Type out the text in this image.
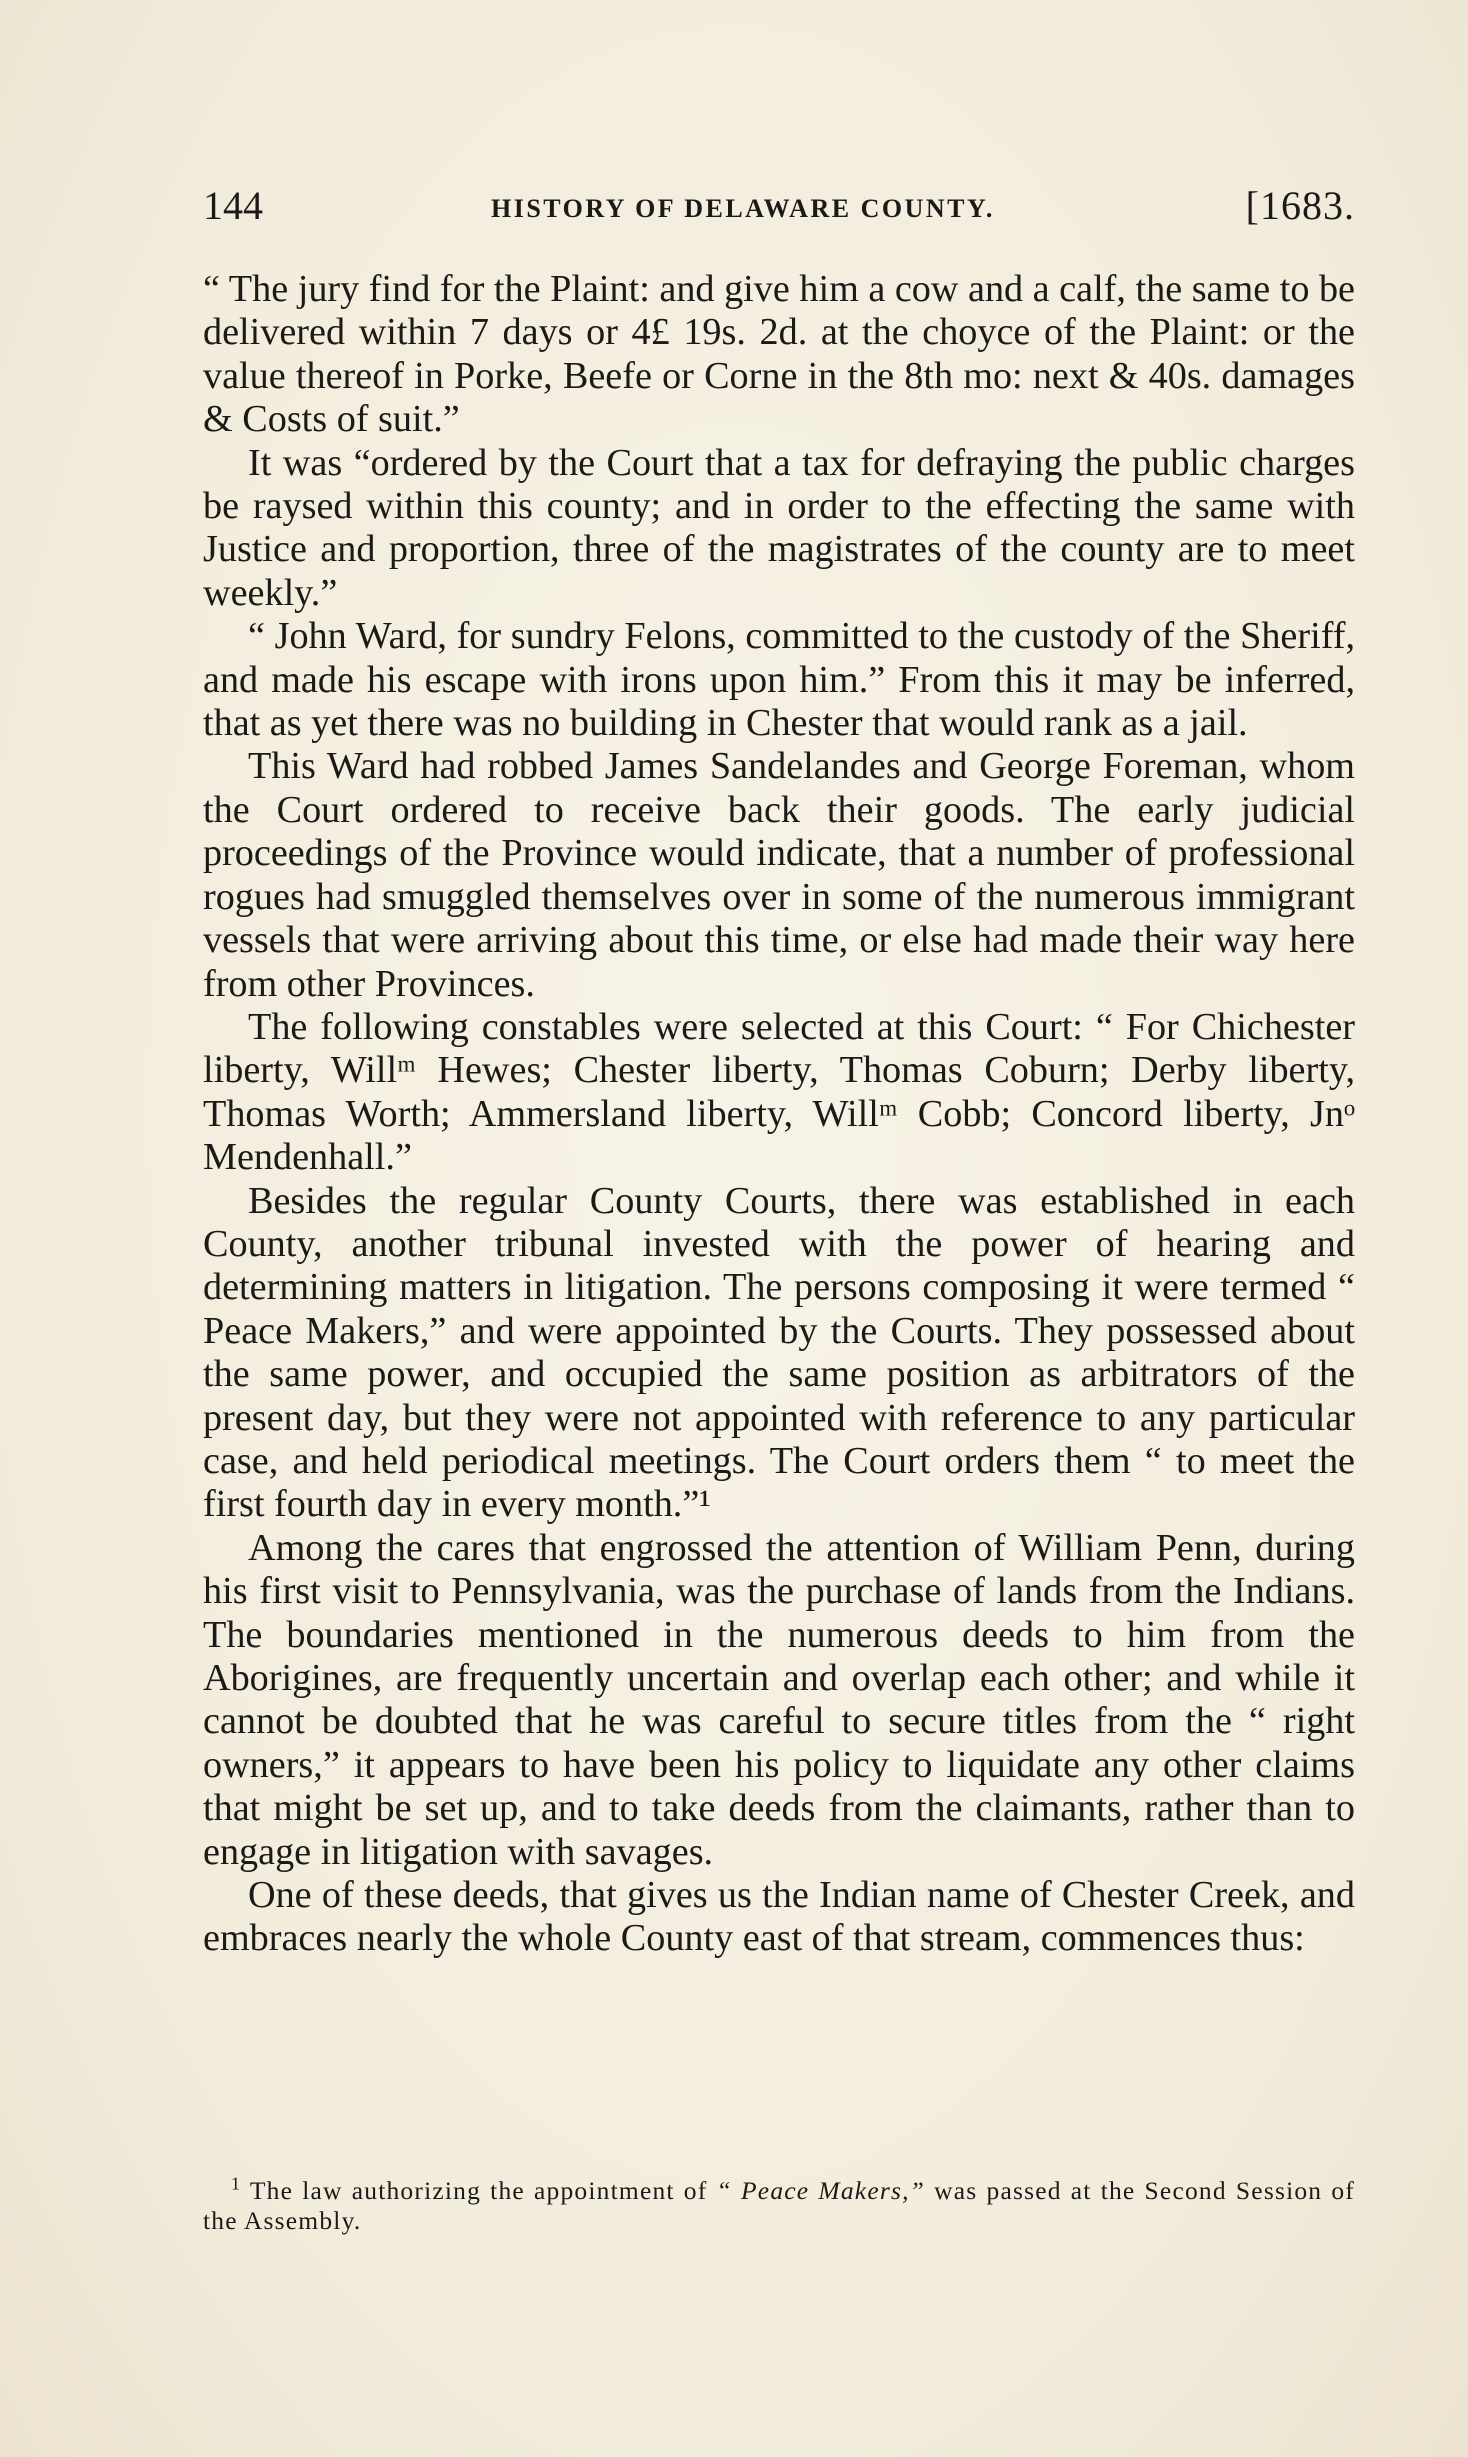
144	HISTORY OF DELAWARE COUNTY.	[1683.

“ The jury find for the Plaint: and give him a cow and a calf, the same to be delivered within 7 days or 4£ 19s. 2d. at the choyce of the Plaint: or the value thereof in Porke, Beefe or Corne in the 8th mo: next & 40s. damages & Costs of suit.”

It was “ordered by the Court that a tax for defraying the public charges be raysed within this county; and in order to the effecting the same with Justice and proportion, three of the magistrates of the county are to meet weekly.”

“ John Ward, for sundry Felons, committed to the custody of the Sheriff, and made his escape with irons upon him.” From this it may be inferred, that as yet there was no building in Chester that would rank as a jail.

This Ward had robbed James Sandelandes and George Foreman, whom the Court ordered to receive back their goods. The early judicial proceedings of the Province would indicate, that a number of professional rogues had smuggled themselves over in some of the numerous immigrant vessels that were arriving about this time, or else had made their way here from other Provinces.

The following constables were selected at this Court: “ For Chichester liberty, Willᵐ Hewes; Chester liberty, Thomas Coburn; Derby liberty, Thomas Worth; Ammersland liberty, Willᵐ Cobb; Concord liberty, Jnᵒ Mendenhall.”

Besides the regular County Courts, there was established in each County, another tribunal invested with the power of hearing and determining matters in litigation. The persons composing it were termed “ Peace Makers,” and were appointed by the Courts. They possessed about the same power, and occupied the same position as arbitrators of the present day, but they were not appointed with reference to any particular case, and held periodical meetings. The Court orders them “ to meet the first fourth day in every month.”¹

Among the cares that engrossed the attention of William Penn, during his first visit to Pennsylvania, was the purchase of lands from the Indians. The boundaries mentioned in the numerous deeds to him from the Aborigines, are frequently uncertain and overlap each other; and while it cannot be doubted that he was careful to secure titles from the “ right owners,” it appears to have been his policy to liquidate any other claims that might be set up, and to take deeds from the claimants, rather than to engage in litigation with savages.

One of these deeds, that gives us the Indian name of Chester Creek, and embraces nearly the whole County east of that stream, commences thus:

$^1$ The law authorizing the appointment of “ Peace Makers,” was passed at the Second Session of the Assembly.
